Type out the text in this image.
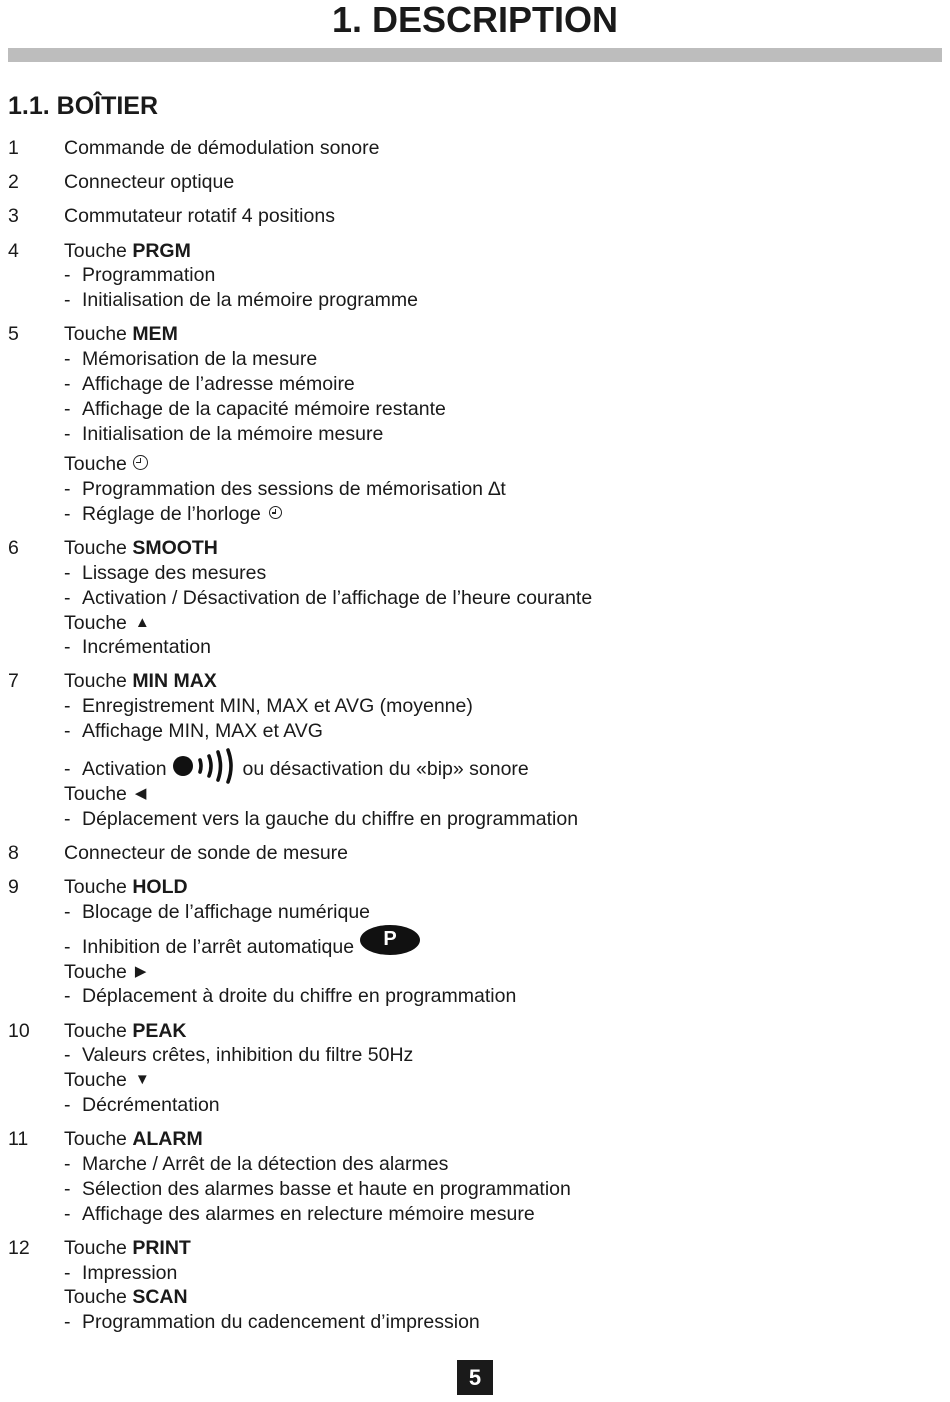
1. DESCRIPTION
1.1. BOÎTIER
1 Commande de démodulation sonore
2 Connecteur optique
3 Commutateur rotatif 4 positions
4 Touche PRGM
- Programmation
- Initialisation de la mémoire programme
5 Touche MEM
- Mémorisation de la mesure
- Affichage de l’adresse mémoire
- Affichage de la capacité mémoire restante
- Initialisation de la mémoire mesure
Touche
- Programmation des sessions de mémorisation ∆t
- Réglage de l’horloge
6 Touche SMOOTH
- Lissage des mesures
- Activation / Désactivation de l’affichage de l’heure courante
Touche ▲
- Incrémentation
7 Touche MIN MAX
- Enregistrement MIN, MAX et AVG (moyenne)
- Affichage MIN, MAX et AVG
- Activation	ou désactivation du «bip» sonore
Touche ◀
- Déplacement vers la gauche du chiffre en programmation
8 Connecteur de sonde de mesure
9 Touche HOLD
- Blocage de l’affichage numérique
- Inhibition de l’arrêt automatique P
Touche ▶
- Déplacement à droite du chiffre en programmation
10 Touche PEAK
- Valeurs crêtes, inhibition du filtre 50Hz
Touche ▼
- Décrémentation
11 Touche ALARM
- Marche / Arrêt de la détection des alarmes
- Sélection des alarmes basse et haute en programmation
- Affichage des alarmes en relecture mémoire mesure
12 Touche PRINT
- Impression
Touche SCAN
- Programmation du cadencement d’impression
5
